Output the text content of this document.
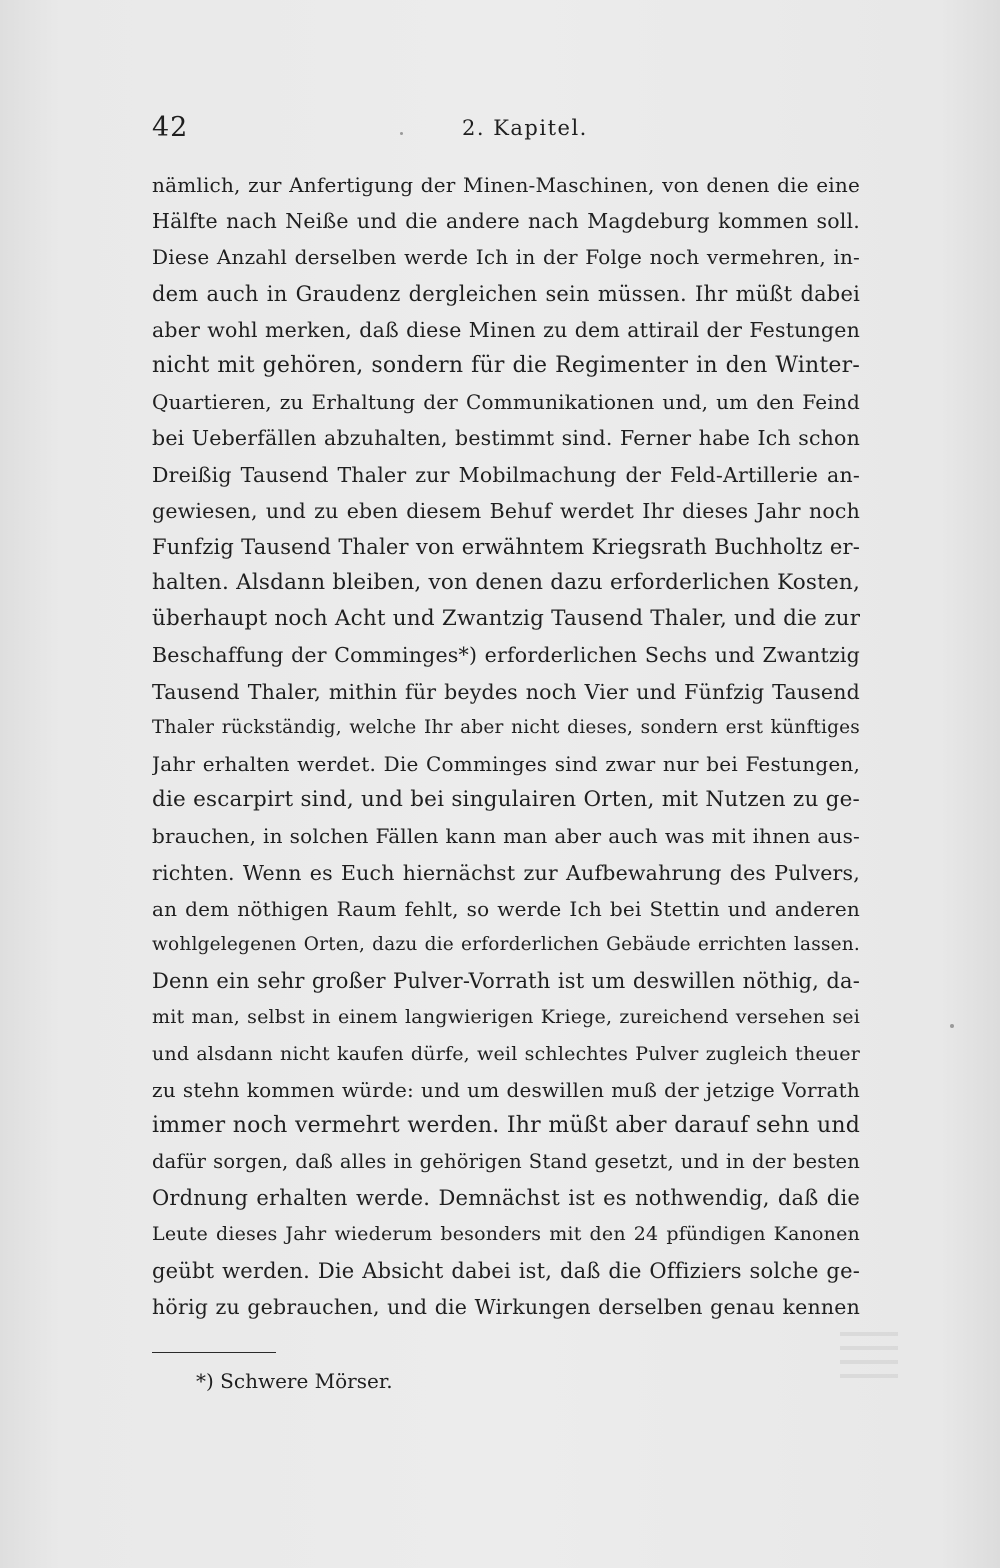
42	2. Kapitel.
nämlich, zur Anfertigung der Minen-Maschinen, von denen die eine
Hälfte nach Neiße und die andere nach Magdeburg kommen soll.
Diese Anzahl derselben werde Ich in der Folge noch vermehren, in-
dem auch in Graudenz dergleichen sein müssen. Ihr müßt dabei
aber wohl merken, daß diese Minen zu dem attirail der Festungen
nicht mit gehören, sondern für die Regimenter in den Winter-
Quartieren, zu Erhaltung der Communikationen und, um den Feind
bei Ueberfällen abzuhalten, bestimmt sind. Ferner habe Ich schon
Dreißig Tausend Thaler zur Mobilmachung der Feld-Artillerie an-
gewiesen, und zu eben diesem Behuf werdet Ihr dieses Jahr noch
Funfzig Tausend Thaler von erwähntem Kriegsrath Buchholtz er-
halten. Alsdann bleiben, von denen dazu erforderlichen Kosten,
überhaupt noch Acht und Zwantzig Tausend Thaler, und die zur
Beschaffung der Comminges*) erforderlichen Sechs und Zwantzig
Tausend Thaler, mithin für beydes noch Vier und Fünfzig Tausend
Thaler rückständig, welche Ihr aber nicht dieses, sondern erst künftiges
Jahr erhalten werdet. Die Comminges sind zwar nur bei Festungen,
die escarpirt sind, und bei singulairen Orten, mit Nutzen zu ge-
brauchen, in solchen Fällen kann man aber auch was mit ihnen aus-
richten. Wenn es Euch hiernächst zur Aufbewahrung des Pulvers,
an dem nöthigen Raum fehlt, so werde Ich bei Stettin und anderen
wohlgelegenen Orten, dazu die erforderlichen Gebäude errichten lassen.
Denn ein sehr großer Pulver-Vorrath ist um deswillen nöthig, da-
mit man, selbst in einem langwierigen Kriege, zureichend versehen sei
und alsdann nicht kaufen dürfe, weil schlechtes Pulver zugleich theuer
zu stehn kommen würde: und um deswillen muß der jetzige Vorrath
immer noch vermehrt werden. Ihr müßt aber darauf sehn und
dafür sorgen, daß alles in gehörigen Stand gesetzt, und in der besten
Ordnung erhalten werde. Demnächst ist es nothwendig, daß die
Leute dieses Jahr wiederum besonders mit den 24 pfündigen Kanonen
geübt werden. Die Absicht dabei ist, daß die Offiziers solche ge-
hörig zu gebrauchen, und die Wirkungen derselben genau kennen
*) Schwere Mörser.
